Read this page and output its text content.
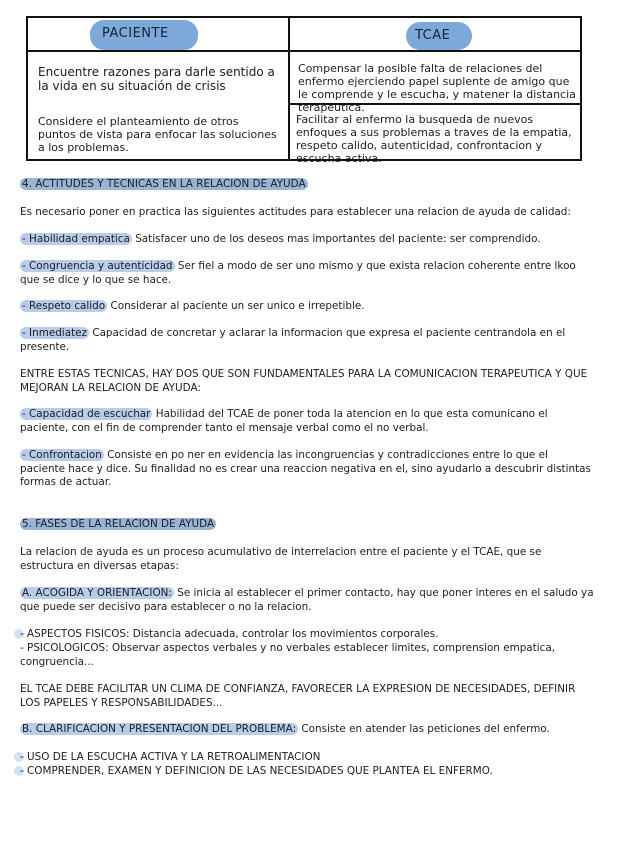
PACIENTE	TCAE
Encuentre razones para darle sentido a la vida en su situación de crisis
Compensar la posible falta de relaciones del enfermo ejerciendo papel suplente de amigo que le comprende y le escucha, y matener la distancia terapeutica.
Considere el planteamiento de otros puntos de vista para enfocar las soluciones a los problemas.
Facilitar al enfermo la busqueda de nuevos enfoques a sus problemas a traves de la empatia, respeto calido, autenticidad, confrontacion y escucha activa.
4. ACTITUDES Y TECNICAS EN LA RELACION DE AYUDA
Es necesario poner en practica las siguientes actitudes para establecer una relacion de ayuda de calidad:
- Habilidad empatica Satisfacer uno de los deseos mas importantes del paciente: ser comprendido.
- Congruencia y autenticidad Ser fiel a modo de ser uno mismo y que exista relacion coherente entre lkoo que se dice y lo que se hace.
- Respeto calido Considerar al paciente un ser unico e irrepetible.
- Inmediatez Capacidad de concretar y aclarar la informacion que expresa el paciente centrandola en el presente.
ENTRE ESTAS TECNICAS, HAY DOS QUE SON FUNDAMENTALES PARA LA COMUNICACION TERAPEUTICA Y QUE MEJORAN LA RELACION DE AYUDA:
- Capacidad de escuchar Habilidad del TCAE de poner toda la atencion en lo que esta comunicano el paciente, con el fin de comprender tanto el mensaje verbal como el no verbal.
- Confrontacion Consiste en po ner en evidencia las incongruencias y contradicciones entre lo que el paciente hace y dice. Su finalidad no es crear una reaccion negativa en el, sino ayudarlo a descubrir distintas formas de actuar.
5. FASES DE LA RELACION DE AYUDA
La relacion de ayuda es un proceso acumulativo de interrelacion entre el paciente y el TCAE, que se estructura en diversas etapas:
A. ACOGIDA Y ORIENTACION: Se inicia al establecer el primer contacto, hay que poner interes en el saludo ya que puede ser decisivo para establecer o no la relacion.
- ASPECTOS FISICOS: Distancia adecuada, controlar los movimientos corporales.
- PSICOLOGICOS: Observar aspectos verbales y no verbales establecer limites, comprension empatica, congruencia...
EL TCAE DEBE FACILITAR UN CLIMA DE CONFIANZA, FAVORECER LA EXPRESION DE NECESIDADES, DEFINIR LOS PAPELES Y RESPONSABILIDADES...
B. CLARIFICACION Y PRESENTACION DEL PROBLEMA: Consiste en atender las peticiones del enfermo.
- USO DE LA ESCUCHA ACTIVA Y LA RETROALIMENTACION
- COMPRENDER, EXAMEN Y DEFINICION DE LAS NECESIDADES QUE PLANTEA EL ENFERMO.
